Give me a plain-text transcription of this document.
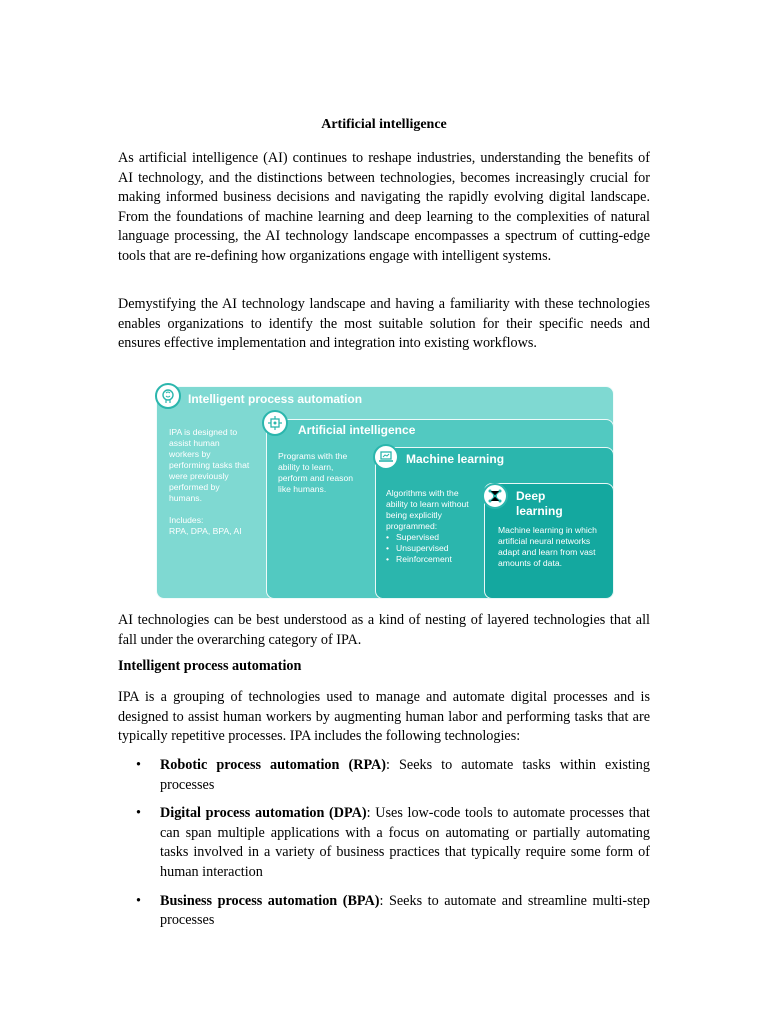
Artificial intelligence

As artificial intelligence (AI) continues to reshape industries, understanding the benefits of AI technology, and the distinctions between technologies, becomes increasingly crucial for making informed business decisions and navigating the rapidly evolving digital landscape. From the foundations of machine learning and deep learning to the complexities of natural language processing, the AI technology landscape encompasses a spectrum of cutting-edge tools that are re-defining how organizations engage with intelligent systems.

Demystifying the AI technology landscape and having a familiarity with these technologies enables organizations to identify the most suitable solution for their specific needs and ensures effective implementation and integration into existing workflows.

Intelligent process automation
IPA is designed to
assist human
workers by
performing tasks that
were previously
performed by
humans.
Includes:
RPA, DPA, BPA, AI
Artificial intelligence
Programs with the
ability to learn,
perform and reason
like humans.
Machine learning
Algorithms with the
ability to learn without
being explicitly
programmed:
• Supervised
• Unsupervised
• Reinforcement
Deep
learning
Machine learning in which
artificial neural networks
adapt and learn from vast
amounts of data.

AI technologies can be best understood as a kind of nesting of layered technologies that all fall under the overarching category of IPA.

Intelligent process automation

IPA is a grouping of technologies used to manage and automate digital processes and is designed to assist human workers by augmenting human labor and performing tasks that are typically repetitive processes. IPA includes the following technologies:

• Robotic process automation (RPA): Seeks to automate tasks within existing processes
• Digital process automation (DPA): Uses low-code tools to automate processes that can span multiple applications with a focus on automating or partially automating tasks involved in a variety of business practices that typically require some form of human interaction
• Business process automation (BPA): Seeks to automate and streamline multi-step processes
